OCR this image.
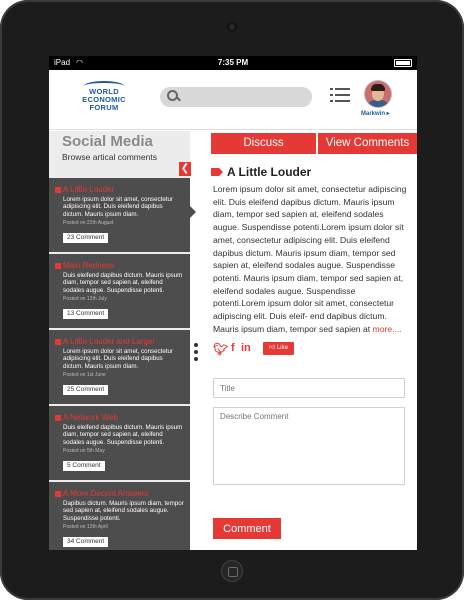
iPad ◠	7:35 PM
WORLD
ECONOMIC
FORUM
Markwin ▸
Social Media
Browse artical comments
❮
A Little Louder
Lorem ipsum dolor sit amet, consectetur adipiscing elit. Duis eleifend dapibus dictum. Mauris ipsum diam.
Posted on 22th August
23 Comment
Main Redness
Duis eleifend dapibus dictum. Mauris ipsum diam, tempor sed sapien at, eleifend sodales augue. Suspendisse potenti.
Posted on 12th July
13 Comment
A Little Louder and Larger
Lorem ipsum dolor sit amet, consectetur adipiscing elit. Duis eleifend dapibus dictum. Mauris ipsum diam.
Posted on 1st June
25 Comment
A Network Web
Duis eleifend dapibus dictum. Mauris ipsum diam, tempor sed sapien at, eleifend sodales augue. Suspendisse potenti.
Posted on 5th May
5 Comment
A More Decent Answers
Dapibus dictum. Mauris ipsum diam, tempor sed sapien at, eleifend sodales augue. Suspendisse potenti.
Posted on 12th April
34 Comment
Discuss	View Comments
A Little Louder
Lorem ipsum dolor sit amet, consectetur adipiscing elit. Duis eleifend dapibus dictum. Mauris ipsum diam, tempor sed sapien at, eleifend sodales augue. Suspendisse potenti.Lorem ipsum dolor sit amet, consectetur adipiscing elit. Duis eleifend dapibus dictum. Mauris ipsum diam, tempor sed sapien at, eleifend sodales augue. Suspendisse potenti. Mauris ipsum diam, tempor sed sapien at, eleifend sodales augue. Suspendisse potenti.Lorem ipsum dolor sit amet, consectetur adipiscing elit. Duis eleif- end dapibus dictum. Mauris ipsum diam, tempor sed sapien at more....
🐦︎ f in	👍︎ Like
Title
Describe Comment
Comment
